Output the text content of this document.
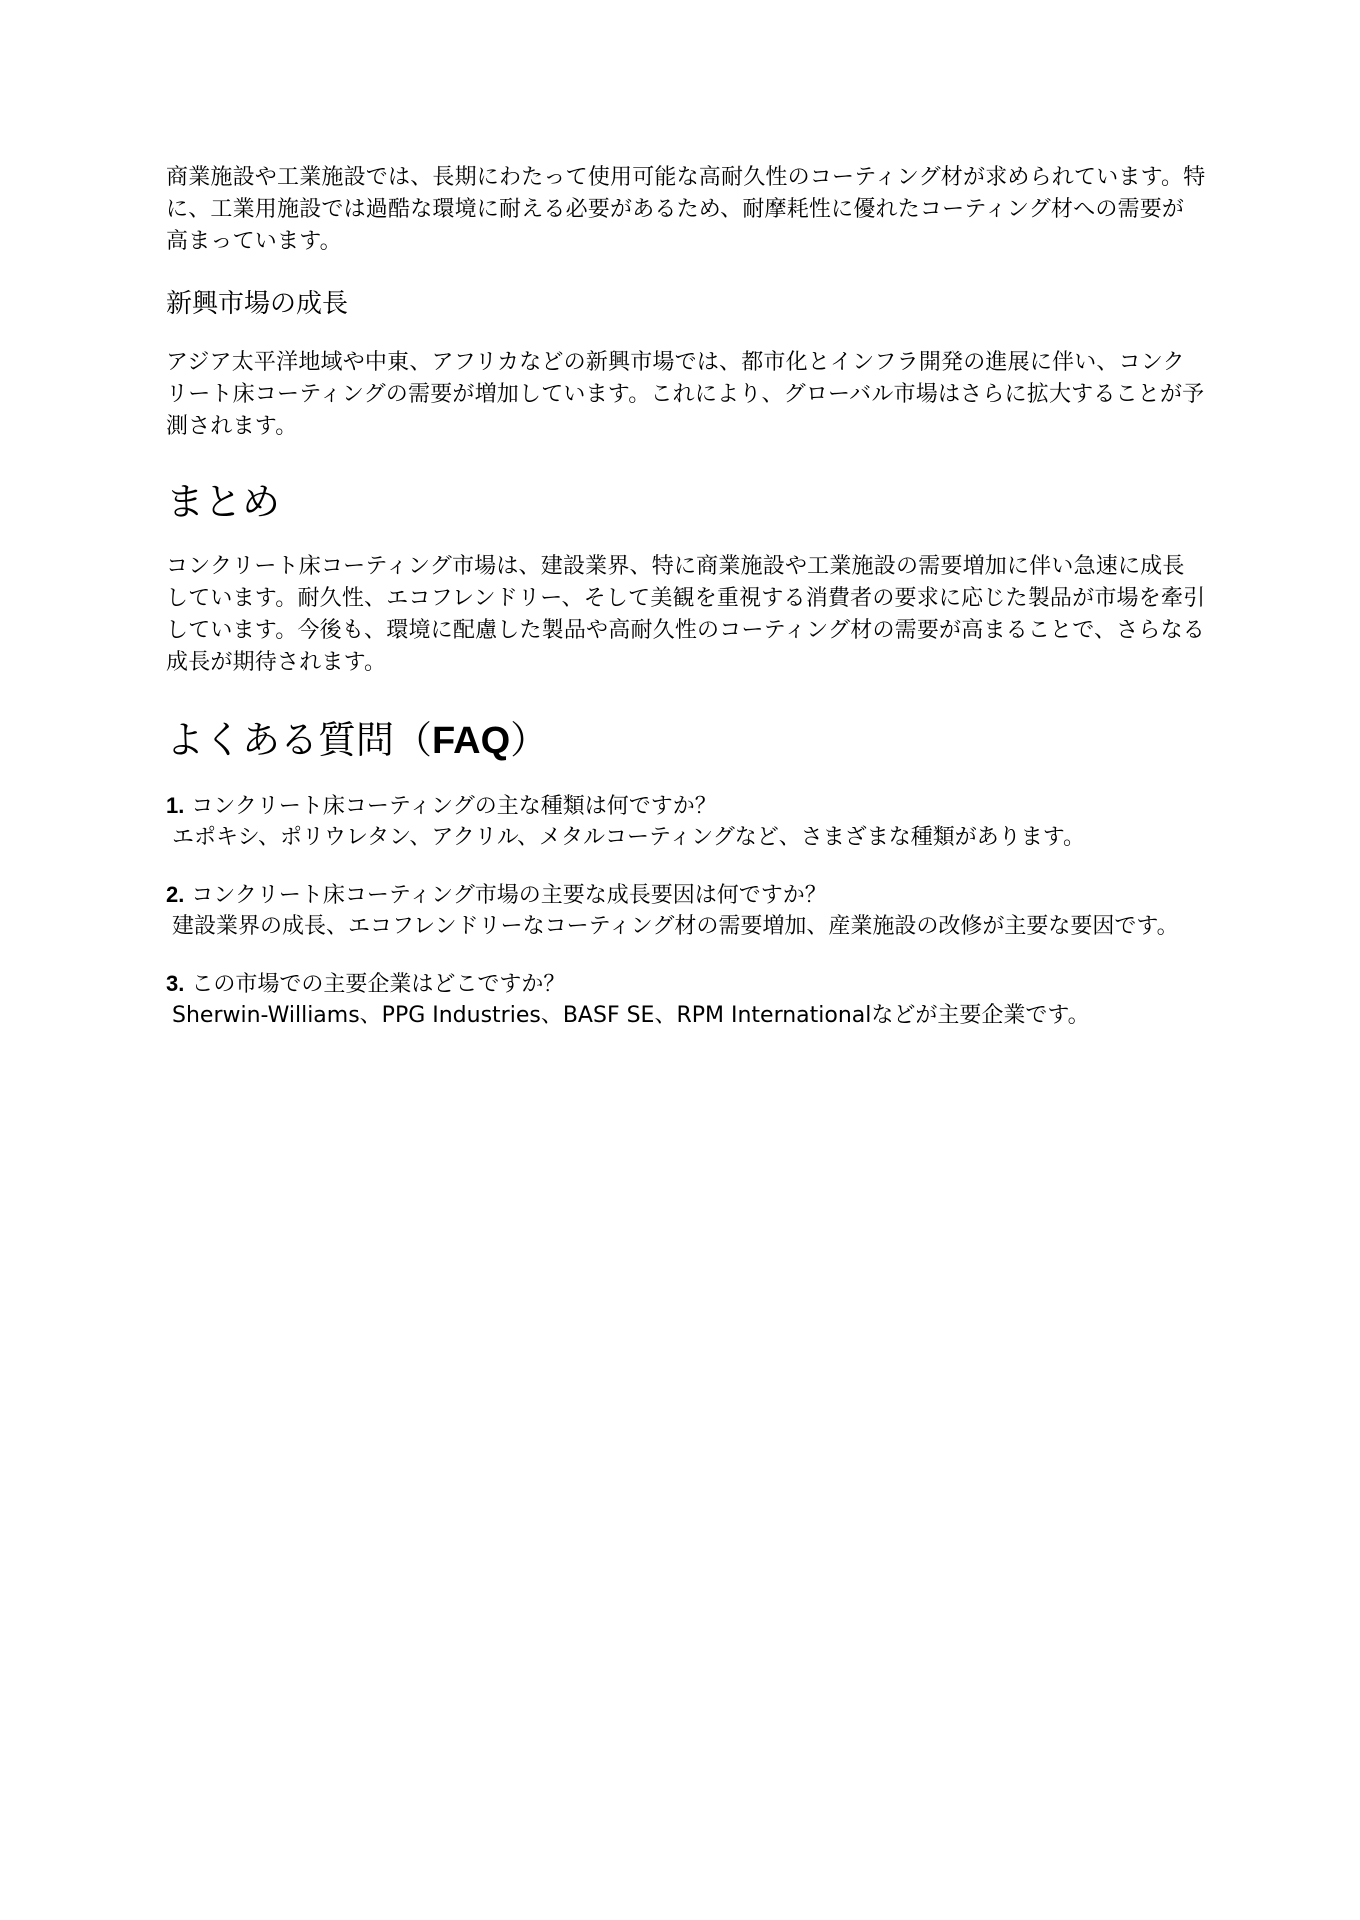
商業施設や工業施設では、長期にわたって使用可能な高耐久性のコーティング材が求められています。特に、工業用施設では過酷な環境に耐える必要があるため、耐摩耗性に優れたコーティング材への需要が高まっています。

新興市場の成長

アジア太平洋地域や中東、アフリカなどの新興市場では、都市化とインフラ開発の進展に伴い、コンクリート床コーティングの需要が増加しています。これにより、グローバル市場はさらに拡大することが予測されます。

まとめ

コンクリート床コーティング市場は、建設業界、特に商業施設や工業施設の需要増加に伴い急速に成長しています。耐久性、エコフレンドリー、そして美観を重視する消費者の要求に応じた製品が市場を牽引しています。今後も、環境に配慮した製品や高耐久性のコーティング材の需要が高まることで、さらなる成長が期待されます。

よくある質問（FAQ）
1. コンクリート床コーティングの主な種類は何ですか？
エポキシ、ポリウレタン、アクリル、メタルコーティングなど、さまざまな種類があります。
2. コンクリート床コーティング市場の主要な成長要因は何ですか？
建設業界の成長、エコフレンドリーなコーティング材の需要増加、産業施設の改修が主要な要因です。
3. この市場での主要企業はどこですか？
Sherwin-Williams、PPG Industries、BASF SE、RPM Internationalなどが主要企業です。
